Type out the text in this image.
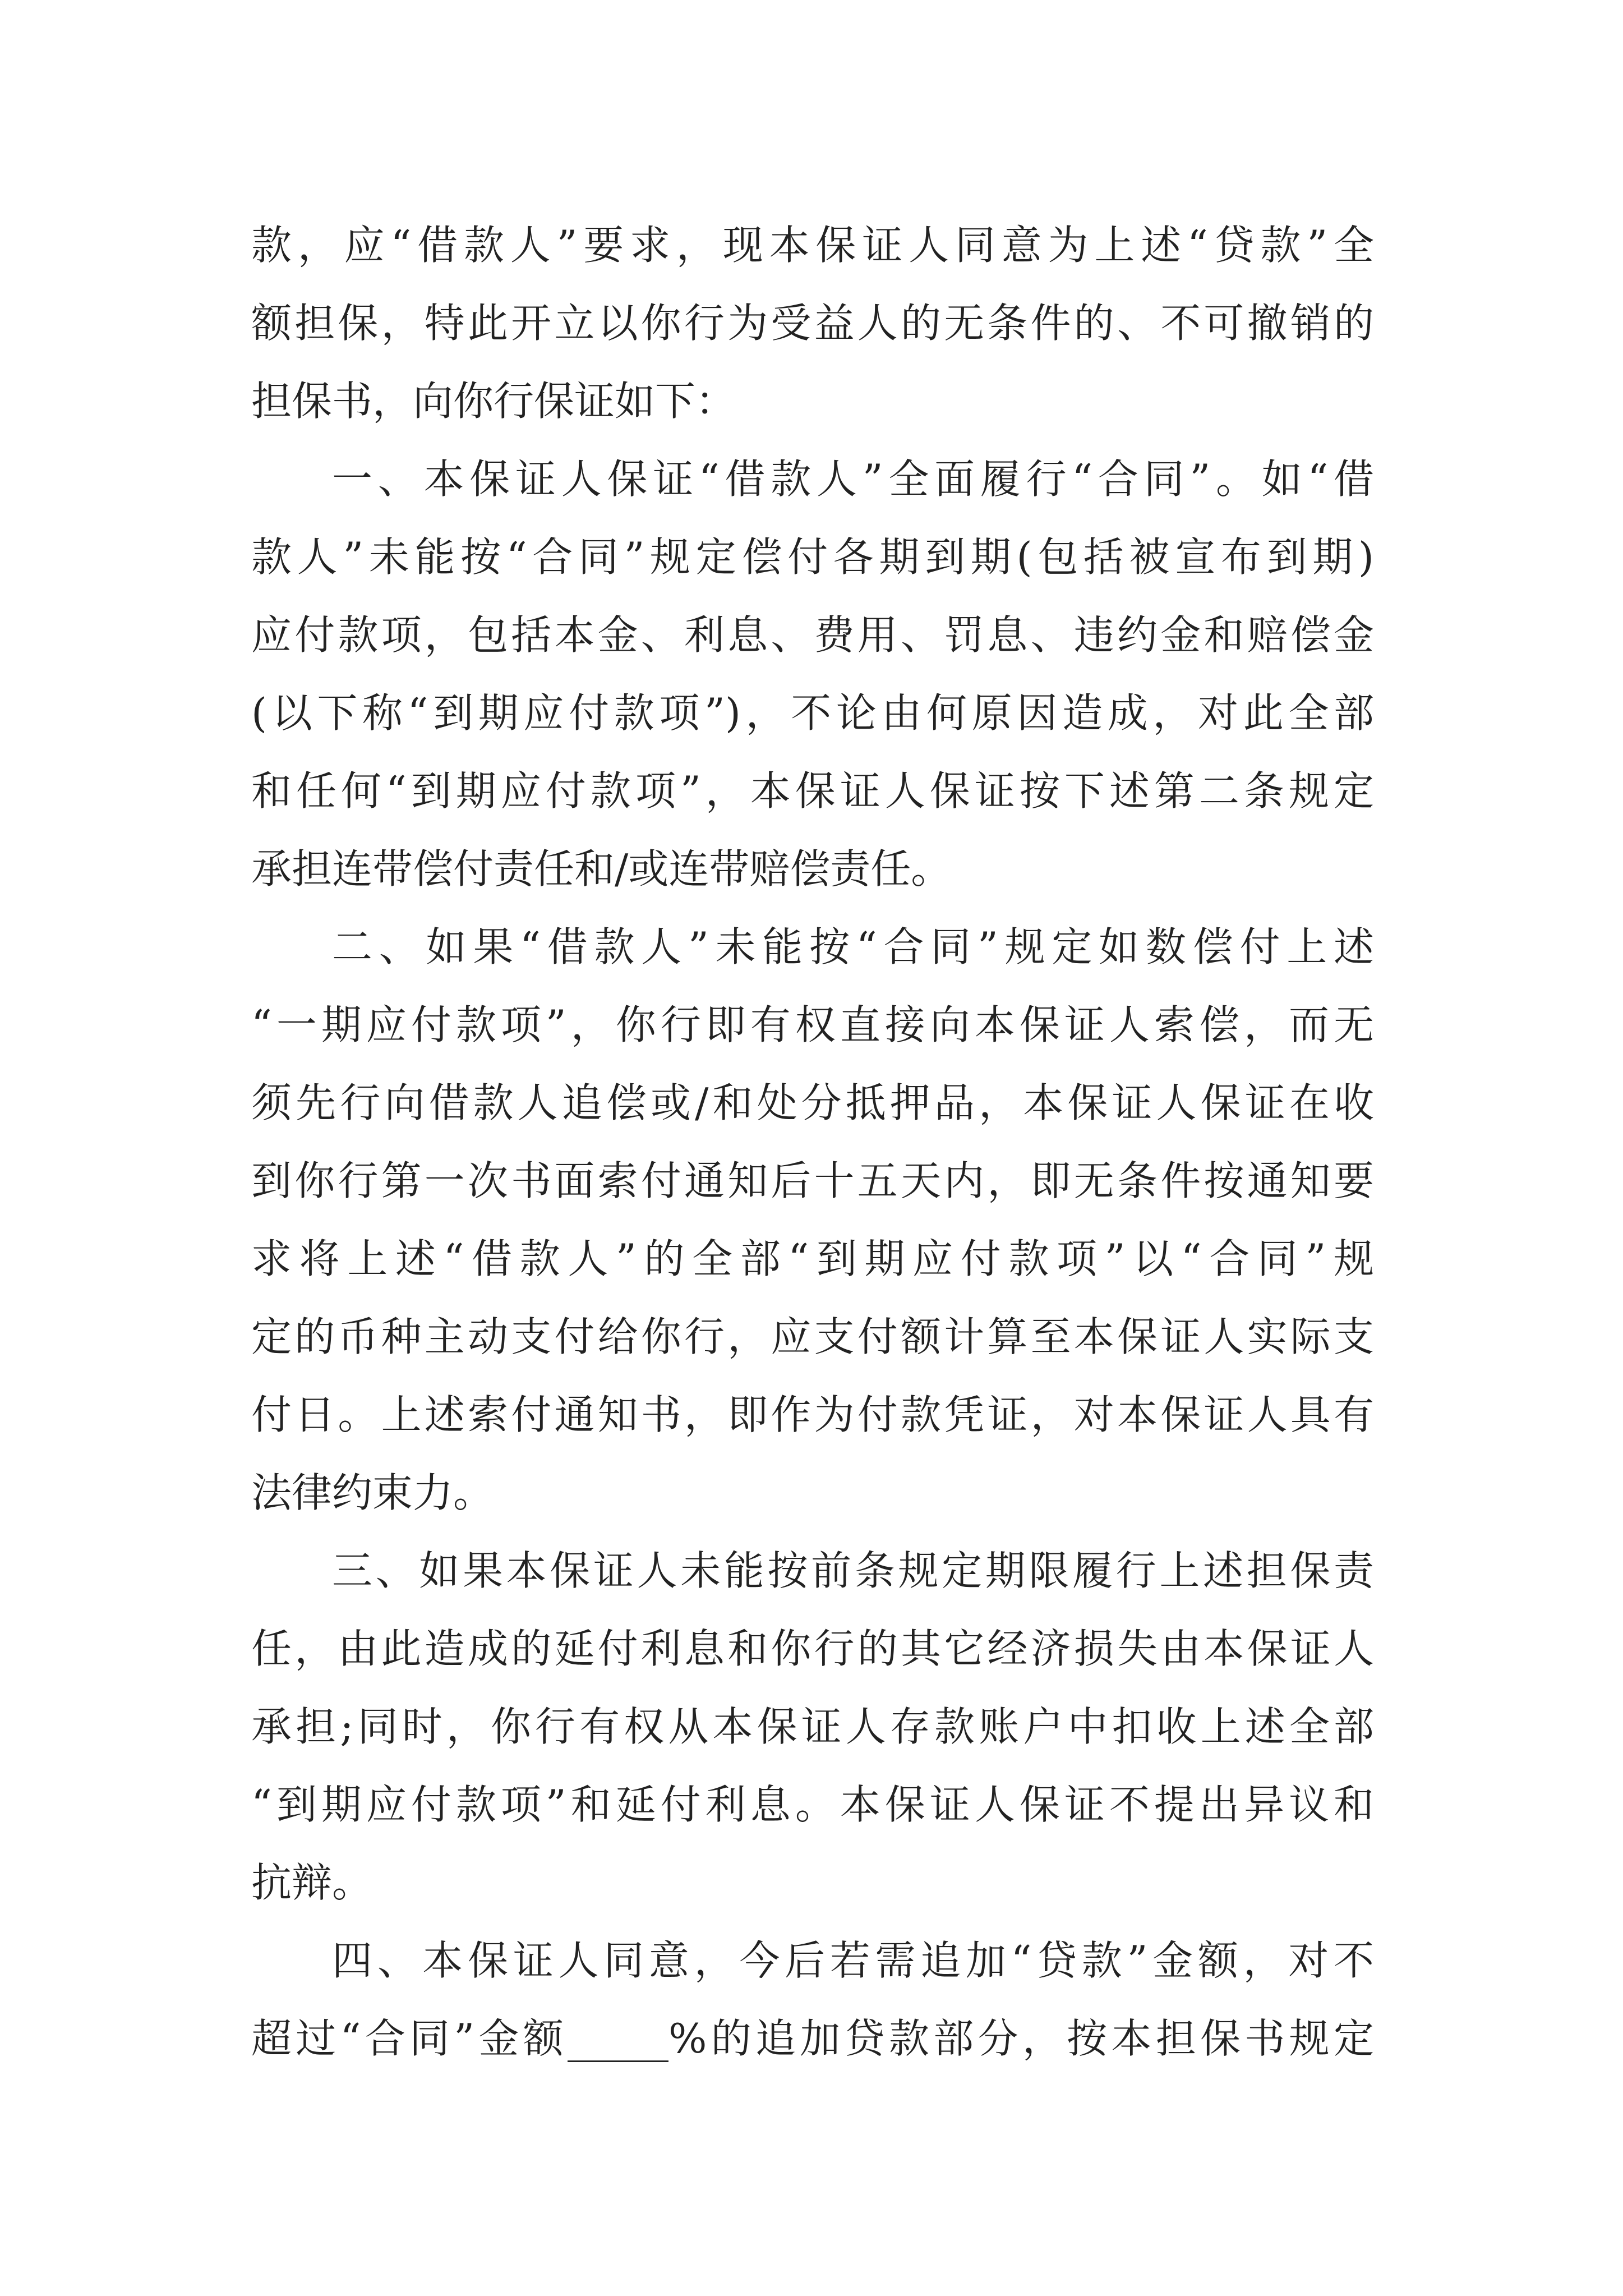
款，应“借款人”要求，现本保证人同意为上述“贷款”全
额担保，特此开立以你行为受益人的无条件的、不可撤销的
担保书，向你行保证如下：
一、本保证人保证“借款人”全面履行“合同”。如“借
款人”未能按“合同”规定偿付各期到期(包括被宣布到期)
应付款项，包括本金、利息、费用、罚息、违约金和赔偿金
(以下称“到期应付款项”)，不论由何原因造成，对此全部
和任何“到期应付款项”，本保证人保证按下述第二条规定
承担连带偿付责任和/或连带赔偿责任。
二、如果“借款人”未能按“合同”规定如数偿付上述
“一期应付款项”，你行即有权直接向本保证人索偿，而无
须先行向借款人追偿或/和处分抵押品，本保证人保证在收
到你行第一次书面索付通知后十五天内，即无条件按通知要
求将上述“借款人”的全部“到期应付款项”以“合同”规
定的币种主动支付给你行，应支付额计算至本保证人实际支
付日。上述索付通知书，即作为付款凭证，对本保证人具有
法律约束力。
三、如果本保证人未能按前条规定期限履行上述担保责
任，由此造成的延付利息和你行的其它经济损失由本保证人
承担;同时，你行有权从本保证人存款账户中扣收上述全部
“到期应付款项”和延付利息。本保证人保证不提出异议和
抗辩。
四、本保证人同意，今后若需追加“贷款”金额，对不
超过“合同”金额_____%的追加贷款部分，按本担保书规定
